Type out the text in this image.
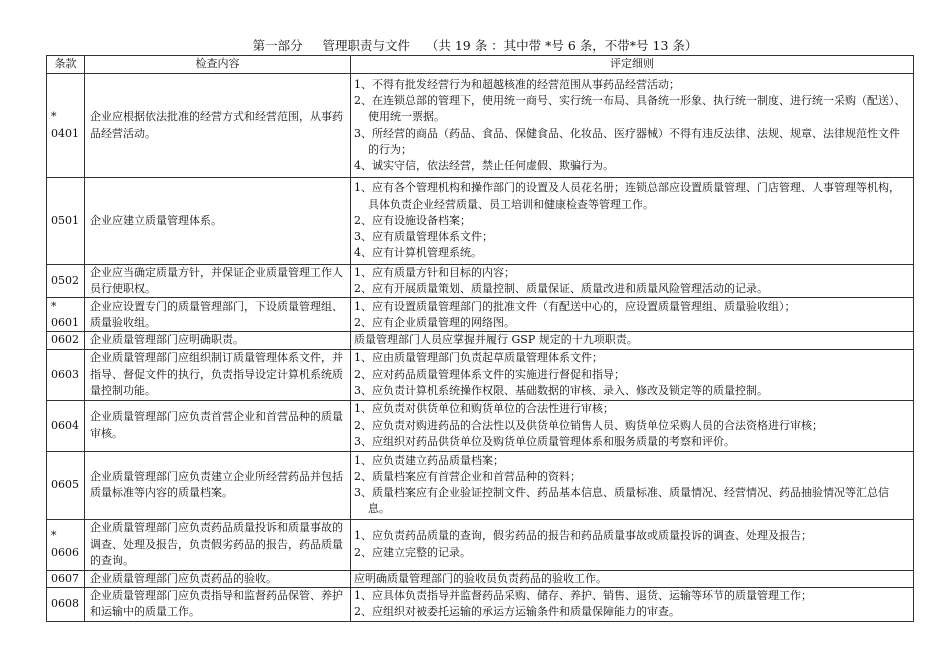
第一部分     管理职责与文件    （共 19 条 ：其中带 *号 6 条，不带*号 13 条）
条款	检查内容	评定细则

*
0401	企业应根据依法批准的经营方式和经营范围，从事药品经营活动。	1、不得有批发经营行为和超越核准的经营范围从事药品经营活动；
2、在连锁总部的管理下，使用统一商号、实行统一布局、具备统一形象、执行统一制度、进行统一采购（配送）、使用统一票据。
3、所经营的商品（药品、食品、保健食品、化妆品、医疗器械）不得有违反法律、法规、规章、法律规范性文件的行为；
4、诚实守信，依法经营，禁止任何虚假、欺骗行为。

0501	企业应建立质量管理体系。	1、应有各个管理机构和操作部门的设置及人员花名册；连锁总部应设置质量管理、门店管理、人事管理等机构，具体负责企业经营质量、员工培训和健康检查等管理工作。
2、应有设施设备档案；
3、应有质量管理体系文件；
4、应有计算机管理系统。

0502	企业应当确定质量方针，并保证企业质量管理工作人员行使职权。	1、应有质量方针和目标的内容；
2、应有开展质量策划、质量控制、质量保证、质量改进和质量风险管理活动的记录。

*
0601	企业应设置专门的质量管理部门，下设质量管理组、质量验收组。	1、应有设置质量管理部门的批准文件（有配送中心的，应设置质量管理组、质量验收组）；
2、应有企业质量管理的网络图。

0602	企业质量管理部门应明确职责。	质量管理部门人员应掌握并履行 GSP 规定的十九项职责。

0603	企业质量管理部门应组织制订质量管理体系文件，并指导、督促文件的执行，负责指导设定计算机系统质量控制功能。	1、应由质量管理部门负责起草质量管理体系文件；
2、应对药品质量管理体系文件的实施进行督促和指导；
3、应负责计算机系统操作权限、基础数据的审核、录入、修改及锁定等的质量控制。

0604	企业质量管理部门应负责首营企业和首营品种的质量审核。	1、应负责对供货单位和购货单位的合法性进行审核；
2、应负责对购进药品的合法性以及供货单位销售人员、购货单位采购人员的合法资格进行审核；
3、应组织对药品供货单位及购货单位质量管理体系和服务质量的考察和评价。

0605	企业质量管理部门应负责建立企业所经营药品并包括质量标准等内容的质量档案。	1、应负责建立药品质量档案；
2、质量档案应有首营企业和首营品种的资料；
3、质量档案应有企业验证控制文件、药品基本信息、质量标准、质量情况、经营情况、药品抽验情况等汇总信息。

*
0606	企业质量管理部门应负责药品质量投诉和质量事故的调查、处理及报告，负责假劣药品的报告，药品质量的查询。	1、应负责药品质量的查询，假劣药品的报告和药品质量事故或质量投诉的调查、处理及报告；
2、应建立完整的记录。

0607	企业质量管理部门应负责药品的验收。	应明确质量管理部门的验收员负责药品的验收工作。

0608	企业质量管理部门应负责指导和监督药品保管、养护和运输中的质量工作。	1、应具体负责指导并监督药品采购、储存、养护、销售、退货、运输等环节的质量管理工作；
2、应组织对被委托运输的承运方运输条件和质量保障能力的审查。
